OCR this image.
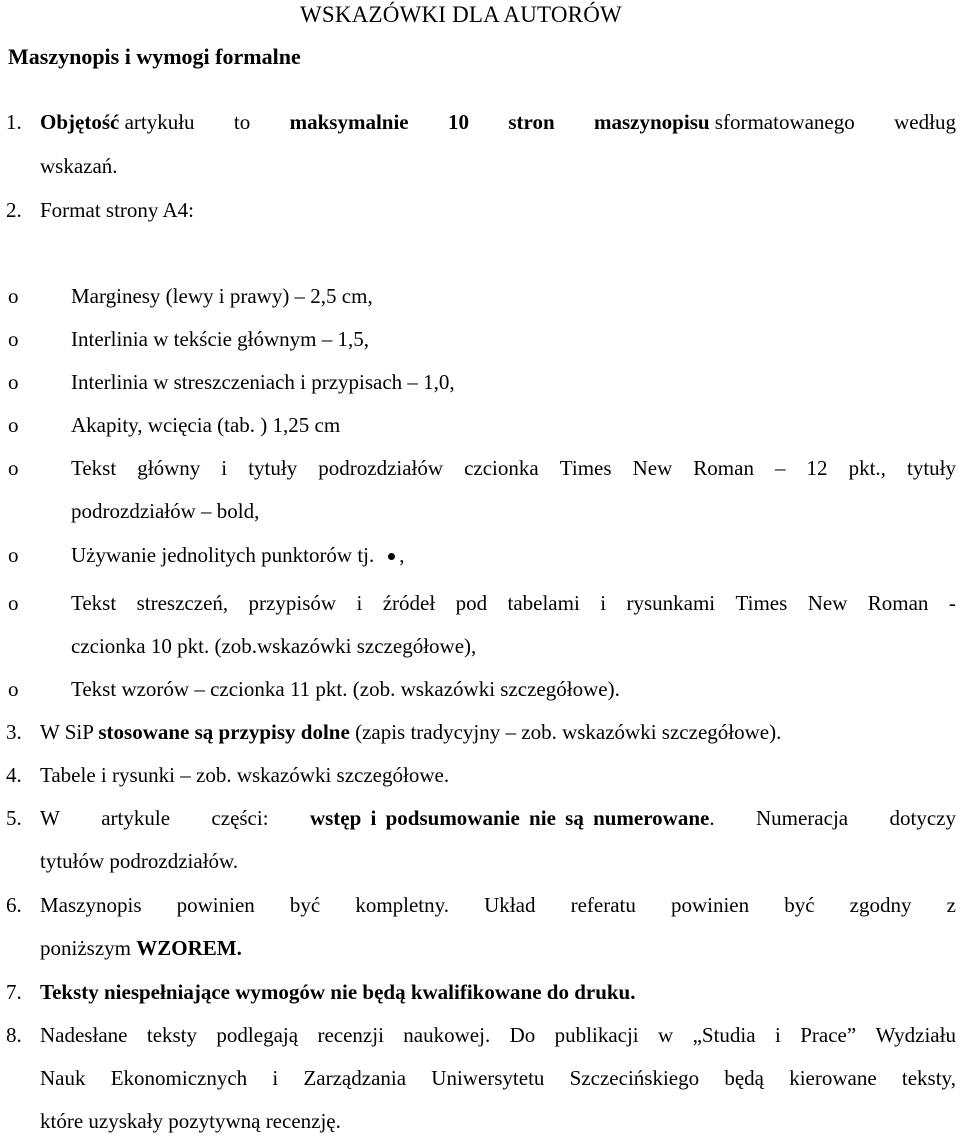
WSKAZÓWKI DLA AUTORÓW
Maszynopis i wymogi formalne
1. Objętość artykułu to maksymalnie 10 stron maszynopisu sformatowanego według
wskazań.
2. Format strony A4:
o	Marginesy (lewy i prawy) – 2,5 cm,
o	Interlinia w tekście głównym – 1,5,
o	Interlinia w streszczeniach i przypisach – 1,0,
o	Akapity, wcięcia (tab. ) 1,25 cm
o	Tekst główny i tytuły podrozdziałów czcionka Times New Roman – 12 pkt., tytuły
podrozdziałów – bold,
o	Używanie jednolitych punktorów tj. ,
o	Tekst streszczeń, przypisów i źródeł pod tabelami i rysunkami Times New Roman -
czcionka 10 pkt. (zob.wskazówki szczegółowe),
o	Tekst wzorów – czcionka 11 pkt. (zob. wskazówki szczegółowe).
3. W SiP stosowane są przypisy dolne (zapis tradycyjny – zob. wskazówki szczegółowe).
4. Tabele i rysunki – zob. wskazówki szczegółowe.
5. W artykule części: wstęp i podsumowanie nie są numerowane. Numeracja dotyczy
tytułów podrozdziałów.
6. Maszynopis powinien być kompletny. Układ referatu powinien być zgodny z
poniższym WZOREM.
7. Teksty niespełniające wymogów nie będą kwalifikowane do druku.
8. Nadesłane teksty podlegają recenzji naukowej. Do publikacji w „Studia i Prace” Wydziału
Nauk Ekonomicznych i Zarządzania Uniwersytetu Szczecińskiego będą kierowane teksty,
które uzyskały pozytywną recenzję.
